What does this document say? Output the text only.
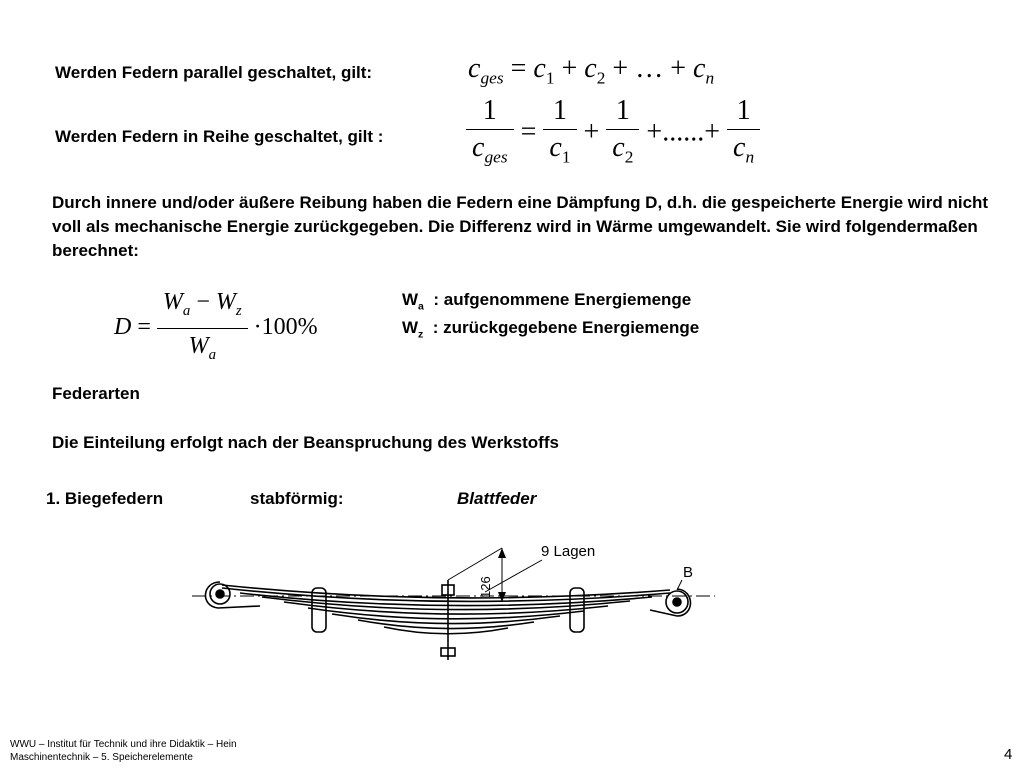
Werden Federn parallel geschaltet, gilt:	$c_{ges} = c_1 + c_2$ + … + $c_n$
Werden Federn in Reihe geschaltet, gilt :	$\frac{1}{c_{ges}} = \frac{1}{c_1} + \frac{1}{c_2}$ +......+ $\frac{1}{c_n}$
Durch innere und/oder äußere Reibung haben die Federn eine Dämpfung D, d.h. die gespeicherte Energie wird nicht voll als mechanische Energie zurückgegeben. Die Differenz wird in Wärme umgewandelt. Sie wird folgendermaßen berechnet:
$D = \frac{W_a - W_z}{W_a} \cdot 100\%$
$W_a$ : aufgenommene Energiemenge
$W_z$ : zurückgegebene Energiemenge
Federarten
Die Einteilung erfolgt nach der Beanspruchung des Werkstoffs
1. Biegefedern	stabförmig:	Blattfeder
9 Lagen
B
126
WWU – Institut für Technik und ihre Didaktik – Hein
Maschinentechnik – 5. Speicherelemente	4
